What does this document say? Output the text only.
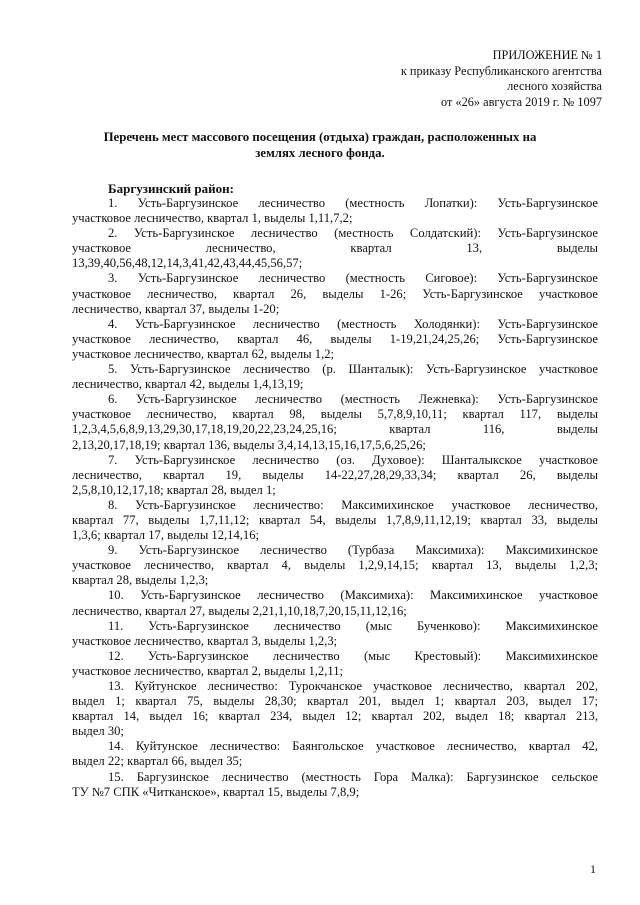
ПРИЛОЖЕНИЕ № 1
к приказу Республиканского агентства
лесного хозяйства
от «26» августа 2019 г. № 1097
Перечень мест массового посещения (отдыха) граждан, расположенных на
землях лесного фонда.
Баргузинский район:
1. Усть-Баргузинское лесничество (местность Лопатки): Усть-Баргузинское
участковое лесничество, квартал 1, выделы 1,11,7,2;
2. Усть-Баргузинское лесничество (местность Солдатский): Усть-Баргузинское
участковое лесничество, квартал 13, выделы
13,39,40,56,48,12,14,3,41,42,43,44,45,56,57;
3. Усть-Баргузинское лесничество (местность Сиговое): Усть-Баргузинское
участковое лесничество, квартал 26, выделы 1-26; Усть-Баргузинское участковое
лесничество, квартал 37, выделы 1-20;
4. Усть-Баргузинское лесничество (местность Холодянки): Усть-Баргузинское
участковое лесничество, квартал 46, выделы 1-19,21,24,25,26; Усть-Баргузинское
участковое лесничество, квартал 62, выделы 1,2;
5. Усть-Баргузинское лесничество (р. Шанталык): Усть-Баргузинское участковое
лесничество, квартал 42, выделы 1,4,13,19;
6. Усть-Баргузинское лесничество (местность Лежневка): Усть-Баргузинское
участковое лесничество, квартал 98, выделы 5,7,8,9,10,11; квартал 117, выделы
1,2,3,4,5,6,8,9,13,29,30,17,18,19,20,22,23,24,25,16; квартал 116, выделы
2,13,20,17,18,19; квартал 136, выделы 3,4,14,13,15,16,17,5,6,25,26;
7. Усть-Баргузинское лесничество (оз. Духовое): Шанталыкское участковое
лесничество, квартал 19, выделы 14-22,27,28,29,33,34; квартал 26, выделы
2,5,8,10,12,17,18; квартал 28, выдел 1;
8. Усть-Баргузинское лесничество: Максимихинское участковое лесничество,
квартал 77, выделы 1,7,11,12; квартал 54, выделы 1,7,8,9,11,12,19; квартал 33, выделы
1,3,6; квартал 17, выделы 12,14,16;
9. Усть-Баргузинское лесничество (Турбаза Максимиха): Максимихинское
участковое лесничество, квартал 4, выделы 1,2,9,14,15; квартал 13, выделы 1,2,3;
квартал 28, выделы 1,2,3;
10. Усть-Баргузинское лесничество (Максимиха): Максимихинское участковое
лесничество, квартал 27, выделы 2,21,1,10,18,7,20,15,11,12,16;
11. Усть-Баргузинское лесничество (мыс Бученково): Максимихинское
участковое лесничество, квартал 3, выделы 1,2,3;
12. Усть-Баргузинское лесничество (мыс Крестовый): Максимихинское
участковое лесничество, квартал 2, выделы 1,2,11;
13. Куйтунское лесничество: Турокчанское участковое лесничество, квартал 202,
выдел 1; квартал 75, выделы 28,30; квартал 201, выдел 1; квартал 203, выдел 17;
квартал 14, выдел 16; квартал 234, выдел 12; квартал 202, выдел 18; квартал 213,
выдел 30;
14. Куйтунское лесничество: Баянгольское участковое лесничество, квартал 42,
выдел 22; квартал 66, выдел 35;
15. Баргузинское лесничество (местность Гора Малка): Баргузинское сельское
ТУ №7 СПК «Читканское», квартал 15, выделы 7,8,9;
1
